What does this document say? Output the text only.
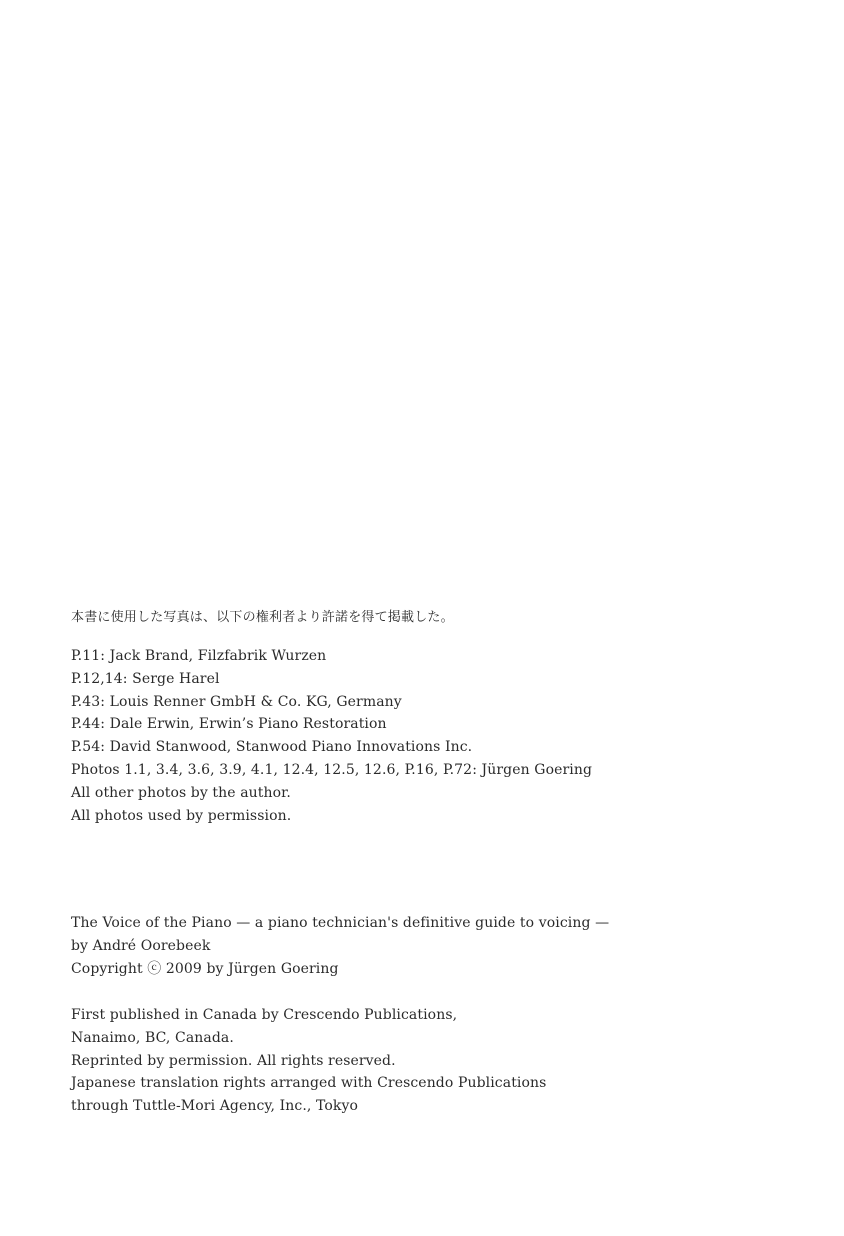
本書に使用した写真は、以下の権利者より許諾を得て掲載した。
P.11: Jack Brand, Filzfabrik Wurzen
P.12,14: Serge Harel
P.43: Louis Renner GmbH & Co. KG, Germany
P.44: Dale Erwin, Erwin’s Piano Restoration
P.54: David Stanwood, Stanwood Piano Innovations Inc.
Photos 1.1, 3.4, 3.6, 3.9, 4.1, 12.4, 12.5, 12.6, P.16, P.72: Jürgen Goering
All other photos by the author.
All photos used by permission.
The Voice of the Piano — a piano technician's definitive guide to voicing —
by André Oorebeek
Copyright ⓒ 2009 by Jürgen Goering
First published in Canada by Crescendo Publications,
Nanaimo, BC, Canada.
Reprinted by permission. All rights reserved.
Japanese translation rights arranged with Crescendo Publications
through Tuttle-Mori Agency, Inc., Tokyo
